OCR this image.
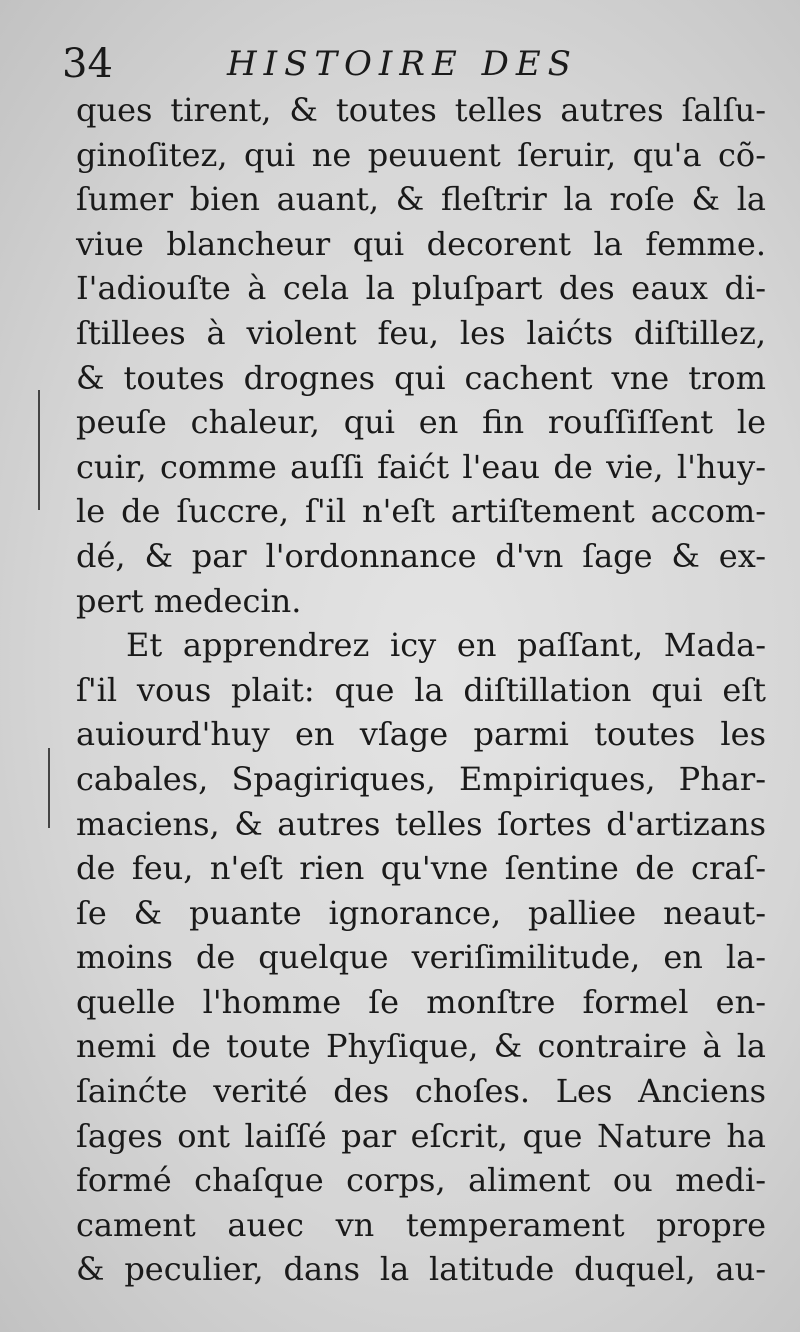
34	HISTOIRE DES
ques tirent, & toutes telles autres ſalſu-
ginoſitez, qui ne peuuent ſeruir, qu'a cõ-
ſumer bien auant, & fleſtrir la roſe & la
viue blancheur qui decorent la femme.
I'adiouſte à cela la pluſpart des eaux di-
ſtillees à violent feu, les laićts diſtillez,
& toutes drognes qui cachent vne trom
peuſe chaleur, qui en fin rouſſiſſent le
cuir, comme auſſi faićt l'eau de vie, l'huy-
le de ſuccre, ſ'il n'eſt artiſtement accom-
dé, & par l'ordonnance d'vn ſage & ex-
pert medecin.
Et apprendrez icy en paſſant, Mada-
ſ'il vous plait: que la diſtillation qui eſt
auiourd'huy en vſage parmi toutes les
cabales, Spagiriques, Empiriques, Phar-
maciens, & autres telles ſortes d'artizans
de feu, n'eſt rien qu'vne ſentine de craſ-
ſe & puante ignorance, palliee neaut-
moins de quelque veriſimilitude, en la-
quelle l'homme ſe monſtre formel en-
nemi de toute Phyſique, & contraire à la
ſainćte verité des choſes. Les Anciens
ſages ont laiſſé par eſcrit, que Nature ha
formé chaſque corps, aliment ou medi-
cament auec vn temperament propre
& peculier, dans la latitude duquel, au-
